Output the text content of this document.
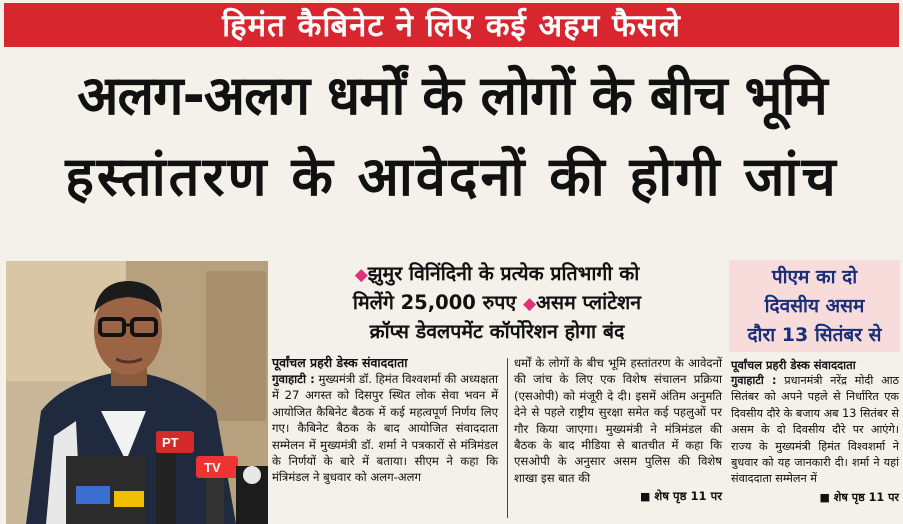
हिमंत कैबिनेट ने लिए कई अहम फैसले
अलग-अलग धर्मों के लोगों के बीच भूमि
हस्तांतरण के आवेदनों की होगी जांच
PT
TV
◆झुमुर विनिंदिनी के प्रत्येक प्रतिभागी को
मिलेंगे 25,000 रुपए ◆असम प्लांटेशन
क्रॉप्स डेवलपमेंट कॉर्पोरेशन होगा बंद
पूर्वांचल प्रहरी डेस्क संवाददाता
गुवाहाटी : मुख्यमंत्री डॉ. हिमंत विश्वशर्मा की अध्यक्षता में 27 अगस्त को दिसपुर स्थित लोक सेवा भवन में आयोजित कैबिनेट बैठक में कई महत्वपूर्ण निर्णय लिए गए। कैबिनेट बैठक के बाद आयोजित संवाददाता सम्मेलन में मुख्यमंत्री डॉ. शर्मा ने पत्रकारों से मंत्रिमंडल के निर्णयों के बारे में बताया। सीएम ने कहा कि मंत्रिमंडल ने बुधवार को अलग-अलग
धर्मों के लोगों के बीच भूमि हस्तांतरण के आवेदनों की जांच के लिए एक विशेष संचालन प्रक्रिया (एसओपी) को मंजूरी दे दी। इसमें अंतिम अनुमति देने से पहले राष्ट्रीय सुरक्षा समेत कई पहलुओं पर गौर किया जाएगा। मुख्यमंत्री ने मंत्रिमंडल की बैठक के बाद मीडिया से बातचीत में कहा कि एसओपी के अनुसार असम पुलिस की विशेष शाखा इस बात की
■ शेष पृष्ठ 11 पर
पीएम का दो
दिवसीय असम
दौरा 13 सितंबर से
पूर्वांचल प्रहरी डेस्क संवाददाता
गुवाहाटी : प्रधानमंत्री नरेंद्र मोदी आठ सितंबर को अपने पहले से निर्धारित एक दिवसीय दौरे के बजाय अब 13 सितंबर से असम के दो दिवसीय दौरे पर आएंगे। राज्य के मुख्यमंत्री हिमंत विश्वशर्मा ने बुधवार को यह जानकारी दी। शर्मा ने यहां संवाददाता सम्मेलन में
■ शेष पृष्ठ 11 पर
